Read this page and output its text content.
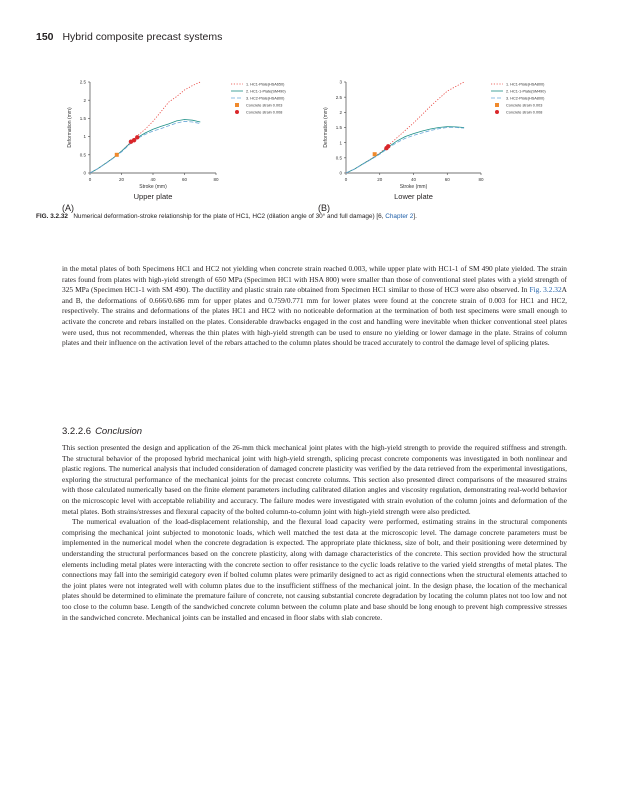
150 Hybrid composite precast systems
0	20	40	60	80
0
0.5
1
1.5
2
2.5
Stroke (mm)
Deformation (mm)
Upper plate
1. HC1-Plate(HSA650)
2. HC1-1-Plate(SM490)
3. HC2-Plate(HSA800)
Concrete strain 0.003
Concrete strain 0.008
0	20	40	60	80
0
0.5
1
1.5
2
2.5
3
Stroke (mm)
Deformation (mm)
Lower plate
1. HC1-Plate(HSA800)
2. HC1-1-Plate(SM490)
3. HC2-Plate(HSA800)
Concrete strain 0.003
Concrete strain 0.008
(A)	(B)
FIG. 3.2.32 Numerical deformation-stroke relationship for the plate of HC1, HC2 (dilation angle of 30° and full damage) [6, Chapter 2].

in the metal plates of both Specimens HC1 and HC2 not yielding when concrete strain reached 0.003, while upper plate with HC1-1 of SM 490 plate yielded. The strain rates found from plates with high-yield strength of 650 MPa (Specimen HC1 with HSA 800) were smaller than those of conventional steel plates with a yield strength of 325 MPa (Specimen HC1-1 with SM 490). The ductility and plastic strain rate obtained from Specimen HC1 similar to those of HC3 were also observed. In Fig. 3.2.32A and B, the deformations of 0.666/0.686 mm for upper plates and 0.759/0.771 mm for lower plates were found at the concrete strain of 0.003 for HC1 and HC2, respectively. The strains and deformations of the plates HC1 and HC2 with no noticeable deformation at the termination of both test specimens were small enough to activate the concrete and rebars installed on the plates. Considerable drawbacks engaged in the cost and handling were inevitable when thicker conventional steel plates were used, thus not recommended, whereas the thin plates with high-yield strength can be used to ensure no yielding or lower damage in the plate. Strains of column plates and their influence on the activation level of the rebars attached to the column plates should be traced accurately to control the damage level of splicing plates.

3.2.2.6 Conclusion

This section presented the design and application of the 26-mm thick mechanical joint plates with the high-yield strength to provide the required stiffness and strength. The structural behavior of the proposed hybrid mechanical joint with high-yield strength, splicing precast concrete components was investigated in both nonlinear and plastic regions. The numerical analysis that included consideration of damaged concrete plasticity was verified by the data retrieved from the experimental investigations, exploring the structural performance of the mechanical joints for the precast concrete columns. This section also presented direct comparisons of the measured strains with those calculated numerically based on the finite element parameters including calibrated dilation angles and viscosity regulation, demonstrating real-world behavior on the microscopic level with acceptable reliability and accuracy. The failure modes were investigated with strain evolution of the column joints and deformation of the metal plates. Both strains/stresses and flexural capacity of the bolted column-to-column joint with high-yield strength were also predicted.

The numerical evaluation of the load-displacement relationship, and the flexural load capacity were performed, estimating strains in the structural components comprising the mechanical joint subjected to monotonic loads, which well matched the test data at the microscopic level. The damage concrete parameters must be implemented in the numerical model when the concrete degradation is expected. The appropriate plate thickness, size of bolt, and their positioning were determined by understanding the structural performances based on the concrete plasticity, along with damage characteristics of the concrete. This section provided how the structural elements including metal plates were interacting with the concrete section to offer resistance to the cyclic loads relative to the varied yield strengths of metal plates. The connections may fall into the semirigid category even if bolted column plates were primarily designed to act as rigid connections when the structural elements attached to the joint plates were not integrated well with column plates due to the insufficient stiffness of the mechanical joint. In the design phase, the location of the mechanical plates should be determined to eliminate the premature failure of concrete, not causing substantial concrete degradation by locating the column plates not too low and not too close to the column base. Length of the sandwiched concrete column between the column plate and base should be long enough to prevent high compressive stresses in the sandwiched concrete. Mechanical joints can be installed and encased in floor slabs with slab concrete.
